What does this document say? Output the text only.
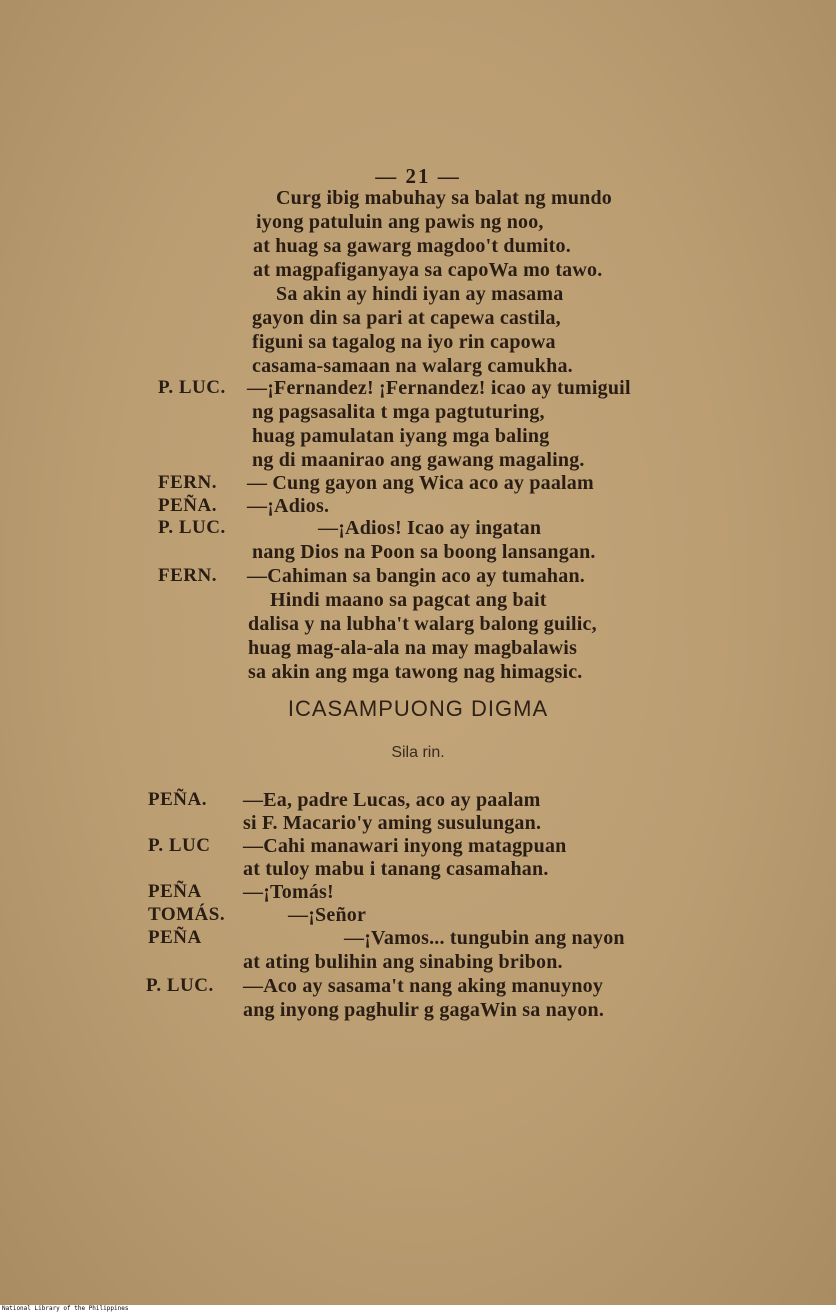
— 21 —
Curg ibig mabuhay sa balat ng mundo
iyong patuluin ang pawis ng noo,
at huag sa gawarg magdoo't dumito.
at magpafiganyaya sa capoWa mo tawo.
Sa akin ay hindi iyan ay masama
gayon din sa pari at capewa castila,
figuni sa tagalog na iyo rin capowa
casama-samaan na walarg camukha.
P. LUC. —¡Fernandez! ¡Fernandez! icao ay tumiguil
ng pagsasalita t mga pagtuturing,
huag pamulatan iyang mga baling
ng di maanirao ang gawang magaling.
FERN. — Cung gayon ang Wica aco ay paalam
PEÑA. —¡Adios.
P. LUC.	—¡Adios! Icao ay ingatan
nang Dios na Poon sa boong lansangan.
FERN. —Cahiman sa bangin aco ay tumahan.
Hindi maano sa pagcat ang bait
dalisa y na lubha't walarg balong guilic,
huag mag-ala-ala na may magbalawis
sa akin ang mga tawong nag himagsic.
ICASAMPUONG DIGMA
Sila rin.
PEÑA. —Ea, padre Lucas, aco ay paalam
si F. Macario'y aming susulungan.
P. LUC —Cahi manawari inyong matagpuan
at tuloy mabu i tanang casamahan.
PEÑA —¡Tomás!
TOMÁS.	—¡Señor
PEÑA	—¡Vamos... tungubin ang nayon
at ating bulihin ang sinabing bribon.
P. LUC. —Aco ay sasama't nang aking manuynoy
ang inyong paghulir g gagaWin sa nayon.
National Library of the Philippines
